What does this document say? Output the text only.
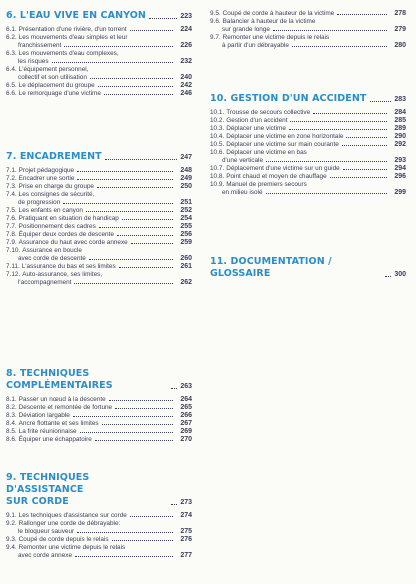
6. L'EAU VIVE EN CANYON	223
6.1. Présentation d'une rivière, d'un torrent	224
6.2. Les mouvements d'eau simples et leur
franchissement	226
6.3. Les mouvements d'eau complexes,
les risques	232
6.4. L'équipement personnel,
collectif et son utilisation	240
6.5. Le déplacement du groupe	242
6.6. Le remorquage d'une victime	246
7. ENCADREMENT	247
7.1. Projet pédagogique	248
7.2. Encadrer une sortie	249
7.3. Prise en charge du groupe	250
7.4. Les consignes de sécurité,
de progression	251
7.5. Les enfants en canyon	252
7.6. Pratiquant en situation de handicap	254
7.7. Positionnement des cadres	255
7.8. Équiper deux cordes de descente	256
7.9. Assurance du haut avec corde annexe	259
7.10. Assurance en boucle
avec corde de descente	260
7.11. L'assurance du bas et ses limites	261
7.12. Auto-assurance, ses limites,
l'accompagnement	262
8. TECHNIQUES COMPLÉMENTAIRES	263
8.1. Passer un nœud à la descente	264
8.2. Descente et remontée de fortune	265
8.3. Déviation largable	266
8.4. Ancre flottante et ses limites	267
8.5. La frite réunionnaise	269
8.6. Équiper une échappatoire	270
9. TECHNIQUES D'ASSISTANCE
SUR CORDE	273
9.1. Les techniques d'assistance sur corde	274
9.2. Rallonger une corde de débrayable:
le bloqueur sauveur	275
9.3. Coupé de corde depuis le relais	276
9.4. Remonter une victime depuis le relais
avec corde annexe	277
10. GESTION D'UN ACCIDENT	283
10.1. Trousse de secours collective	284
10.2. Gestion d'un accident	285
10.3. Déplacer une victime	289
10.4. Déplacer une victime en zone horizontale	290
10.5. Déplacer une victime sur main courante	292
10.6. Déplacer une victime en bas
d'une verticale	293
10.7. Déplacement d'une victime sur un guide	294
10.8. Point chaud et moyen de chauffage	296
10.9. Manuel de premiers secours
en milieu isolé	299
11. DOCUMENTATION / GLOSSAIRE	300
9.5. Coupé de corde à hauteur de la victime	278
9.6. Balancier à hauteur de la victime
sur grande longe	279
9.7. Remonter une victime depuis le relais
à partir d'un débrayable	280
